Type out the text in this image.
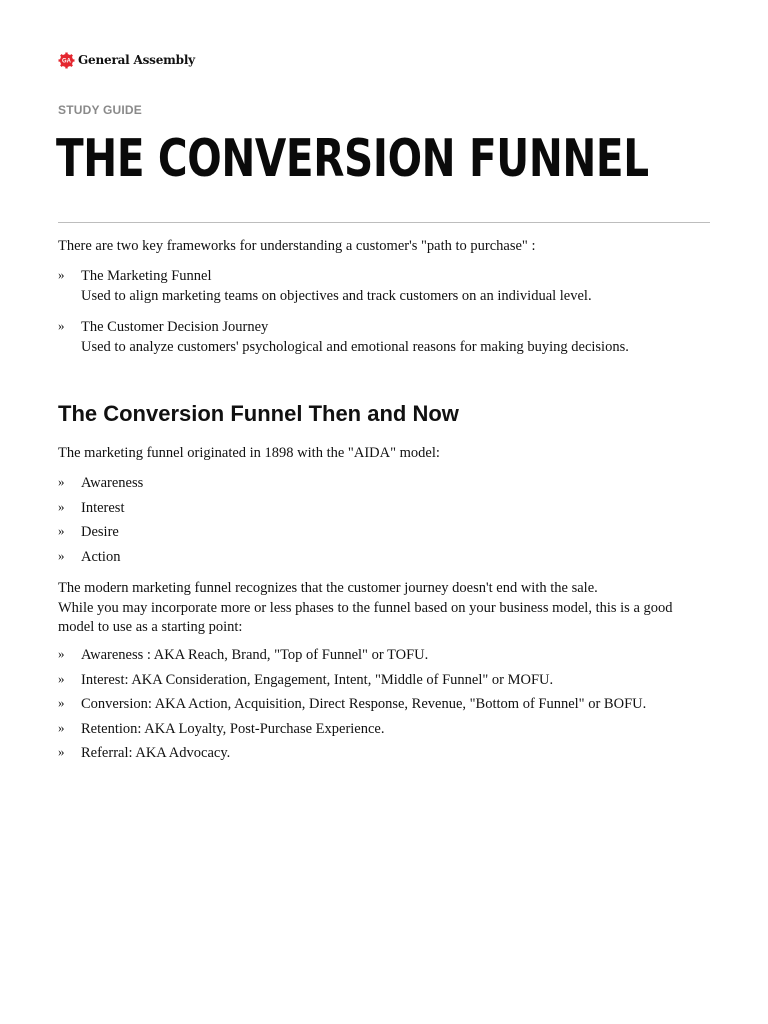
GA General Assembly
STUDY GUIDE
THE CONVERSION FUNNEL
There are two key frameworks for understanding a customer's "path to purchase" :
» The Marketing Funnel
Used to align marketing teams on objectives and track customers on an individual level.
» The Customer Decision Journey
Used to analyze customers' psychological and emotional reasons for making buying decisions.
The Conversion Funnel Then and Now
The marketing funnel originated in 1898 with the "AIDA" model:
» Awareness
» Interest
» Desire
» Action

The modern marketing funnel recognizes that the customer journey doesn't end with the sale.

While you may incorporate more or less phases to the funnel based on your business model, this is a good model to use as a starting point:

» Awareness : AKA Reach, Brand, "Top of Funnel" or TOFU.
» Interest: AKA Consideration, Engagement, Intent, "Middle of Funnel" or MOFU.
» Conversion: AKA Action, Acquisition, Direct Response, Revenue, "Bottom of Funnel" or BOFU.
» Retention: AKA Loyalty, Post-Purchase Experience.
» Referral: AKA Advocacy.
